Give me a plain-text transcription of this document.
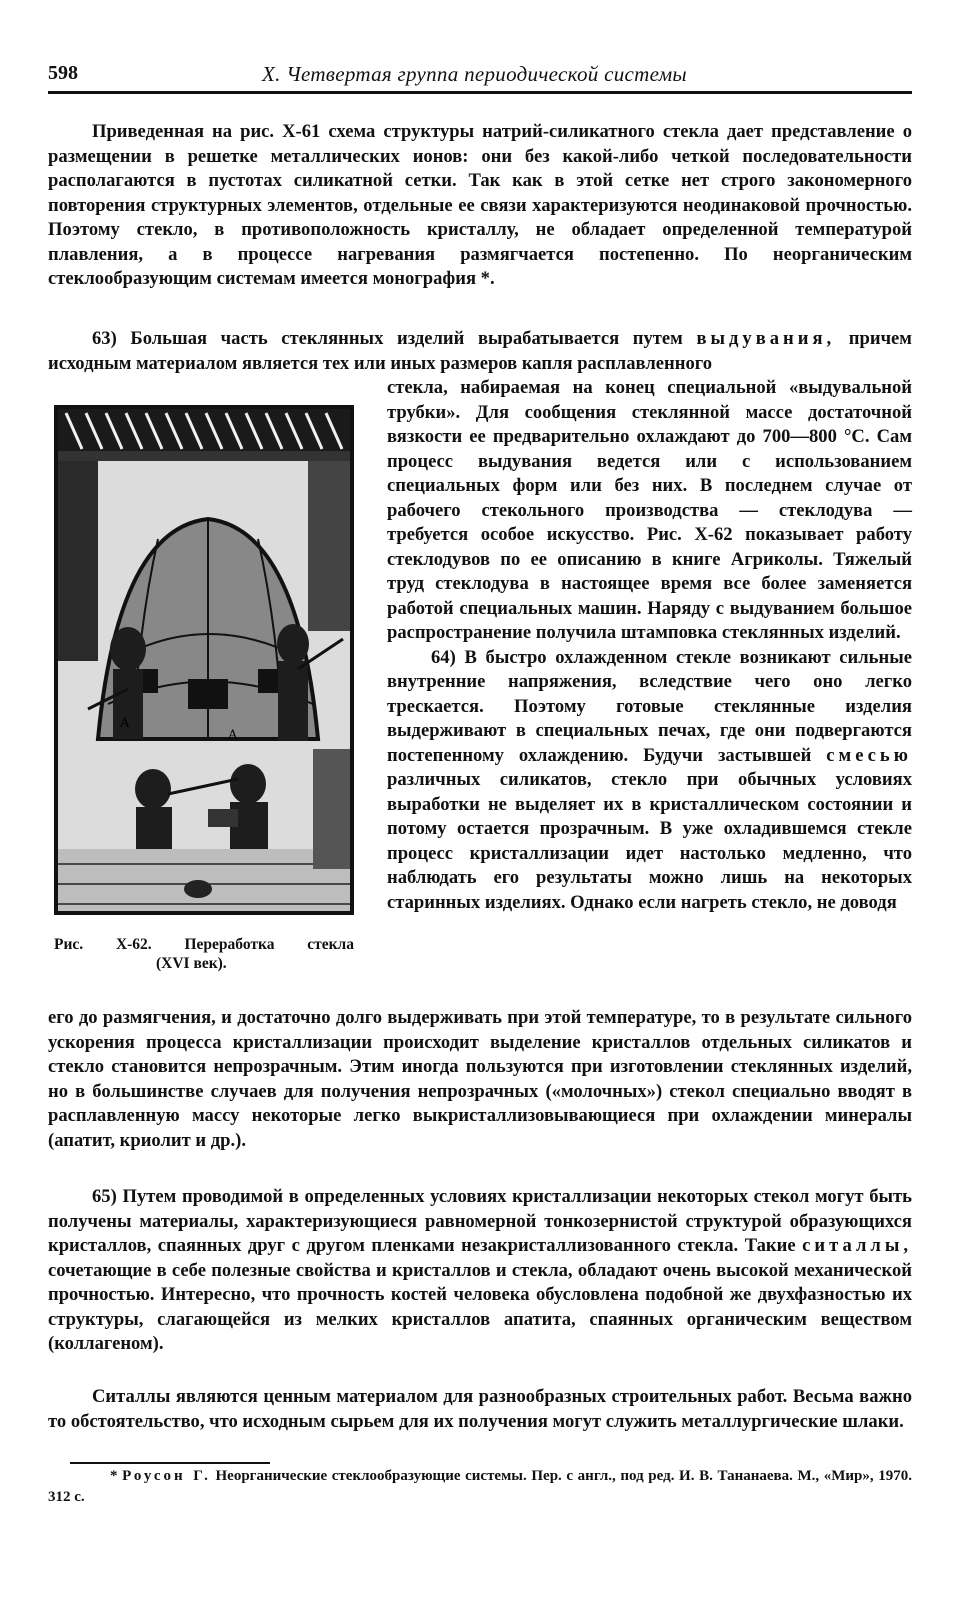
598	X. Четвертая группа периодической системы

Приведенная на рис. X-61 схема структуры натрий-силикатного стекла дает представление о размещении в решетке металлических ионов: они без какой-либо четкой последовательности располагаются в пустотах силикатной сетки. Так как в этой сетке нет строго закономерного повторения структурных элементов, отдельные ее связи характеризуются неодинаковой прочностью. Поэтому стекло, в противоположность кристаллу, не обладает определенной температурой плавления, а в процессе нагревания размягчается постепенно. По неорганическим стеклообразующим системам имеется монография *.

63) Большая часть стеклянных изделий вырабатывается путем выдувания, причем исходным материалом является тех или иных размеров капля расплавленного

A
A
Рис. X-62. Переработка стекла
(XVI век).

стекла, набираемая на конец специальной «выдувальной трубки». Для сообщения стеклянной массе достаточной вязкости ее предварительно охлаждают до 700—800 °С. Сам процесс выдувания ведется или с использованием специальных форм или без них. В последнем случае от рабочего стекольного производства — стеклодува — требуется особое искусство. Рис. X-62 показывает работу стеклодувов по ее описанию в книге Агриколы. Тяжелый труд стеклодува в настоящее время все более заменяется работой специальных машин. Наряду с выдуванием большое распространение получила штамповка стеклянных изделий.

64) В быстро охлажденном стекле возникают сильные внутренние напряжения, вследствие чего оно легко трескается. Поэтому готовые стеклянные изделия выдерживают в специальных печах, где они подвергаются постепенному охлаждению. Будучи застывшей смесью различных силикатов, стекло при обычных условиях выработки не выделяет их в кристаллическом состоянии и потому остается прозрачным. В уже охладившемся стекле процесс кристаллизации идет настолько медленно, что наблюдать его результаты можно лишь на некоторых старинных изделиях. Однако если нагреть стекло, не доводя

его до размягчения, и достаточно долго выдерживать при этой температуре, то в результате сильного ускорения процесса кристаллизации происходит выделение кристаллов отдельных силикатов и стекло становится непрозрачным. Этим иногда пользуются при изготовлении стеклянных изделий, но в большинстве случаев для получения непрозрачных («молочных») стекол специально вводят в расплавленную массу некоторые легко выкристаллизовывающиеся при охлаждении минералы (апатит, криолит и др.).

65) Путем проводимой в определенных условиях кристаллизации некоторых стекол могут быть получены материалы, характеризующиеся равномерной тонкозернистой структурой образующихся кристаллов, спаянных друг с другом пленками незакристаллизованного стекла. Такие ситаллы, сочетающие в себе полезные свойства и кристаллов и стекла, обладают очень высокой механической прочностью. Интересно, что прочность костей человека обусловлена подобной же двухфазностью их структуры, слагающейся из мелких кристаллов апатита, спаянных органическим веществом (коллагеном).

Ситаллы являются ценным материалом для разнообразных строительных работ. Весьма важно то обстоятельство, что исходным сырьем для их получения могут служить металлургические шлаки.

* Роусон Г. Неорганические стеклообразующие системы. Пер. с англ., под ред. И. В. Тананаева. М., «Мир», 1970. 312 с.
